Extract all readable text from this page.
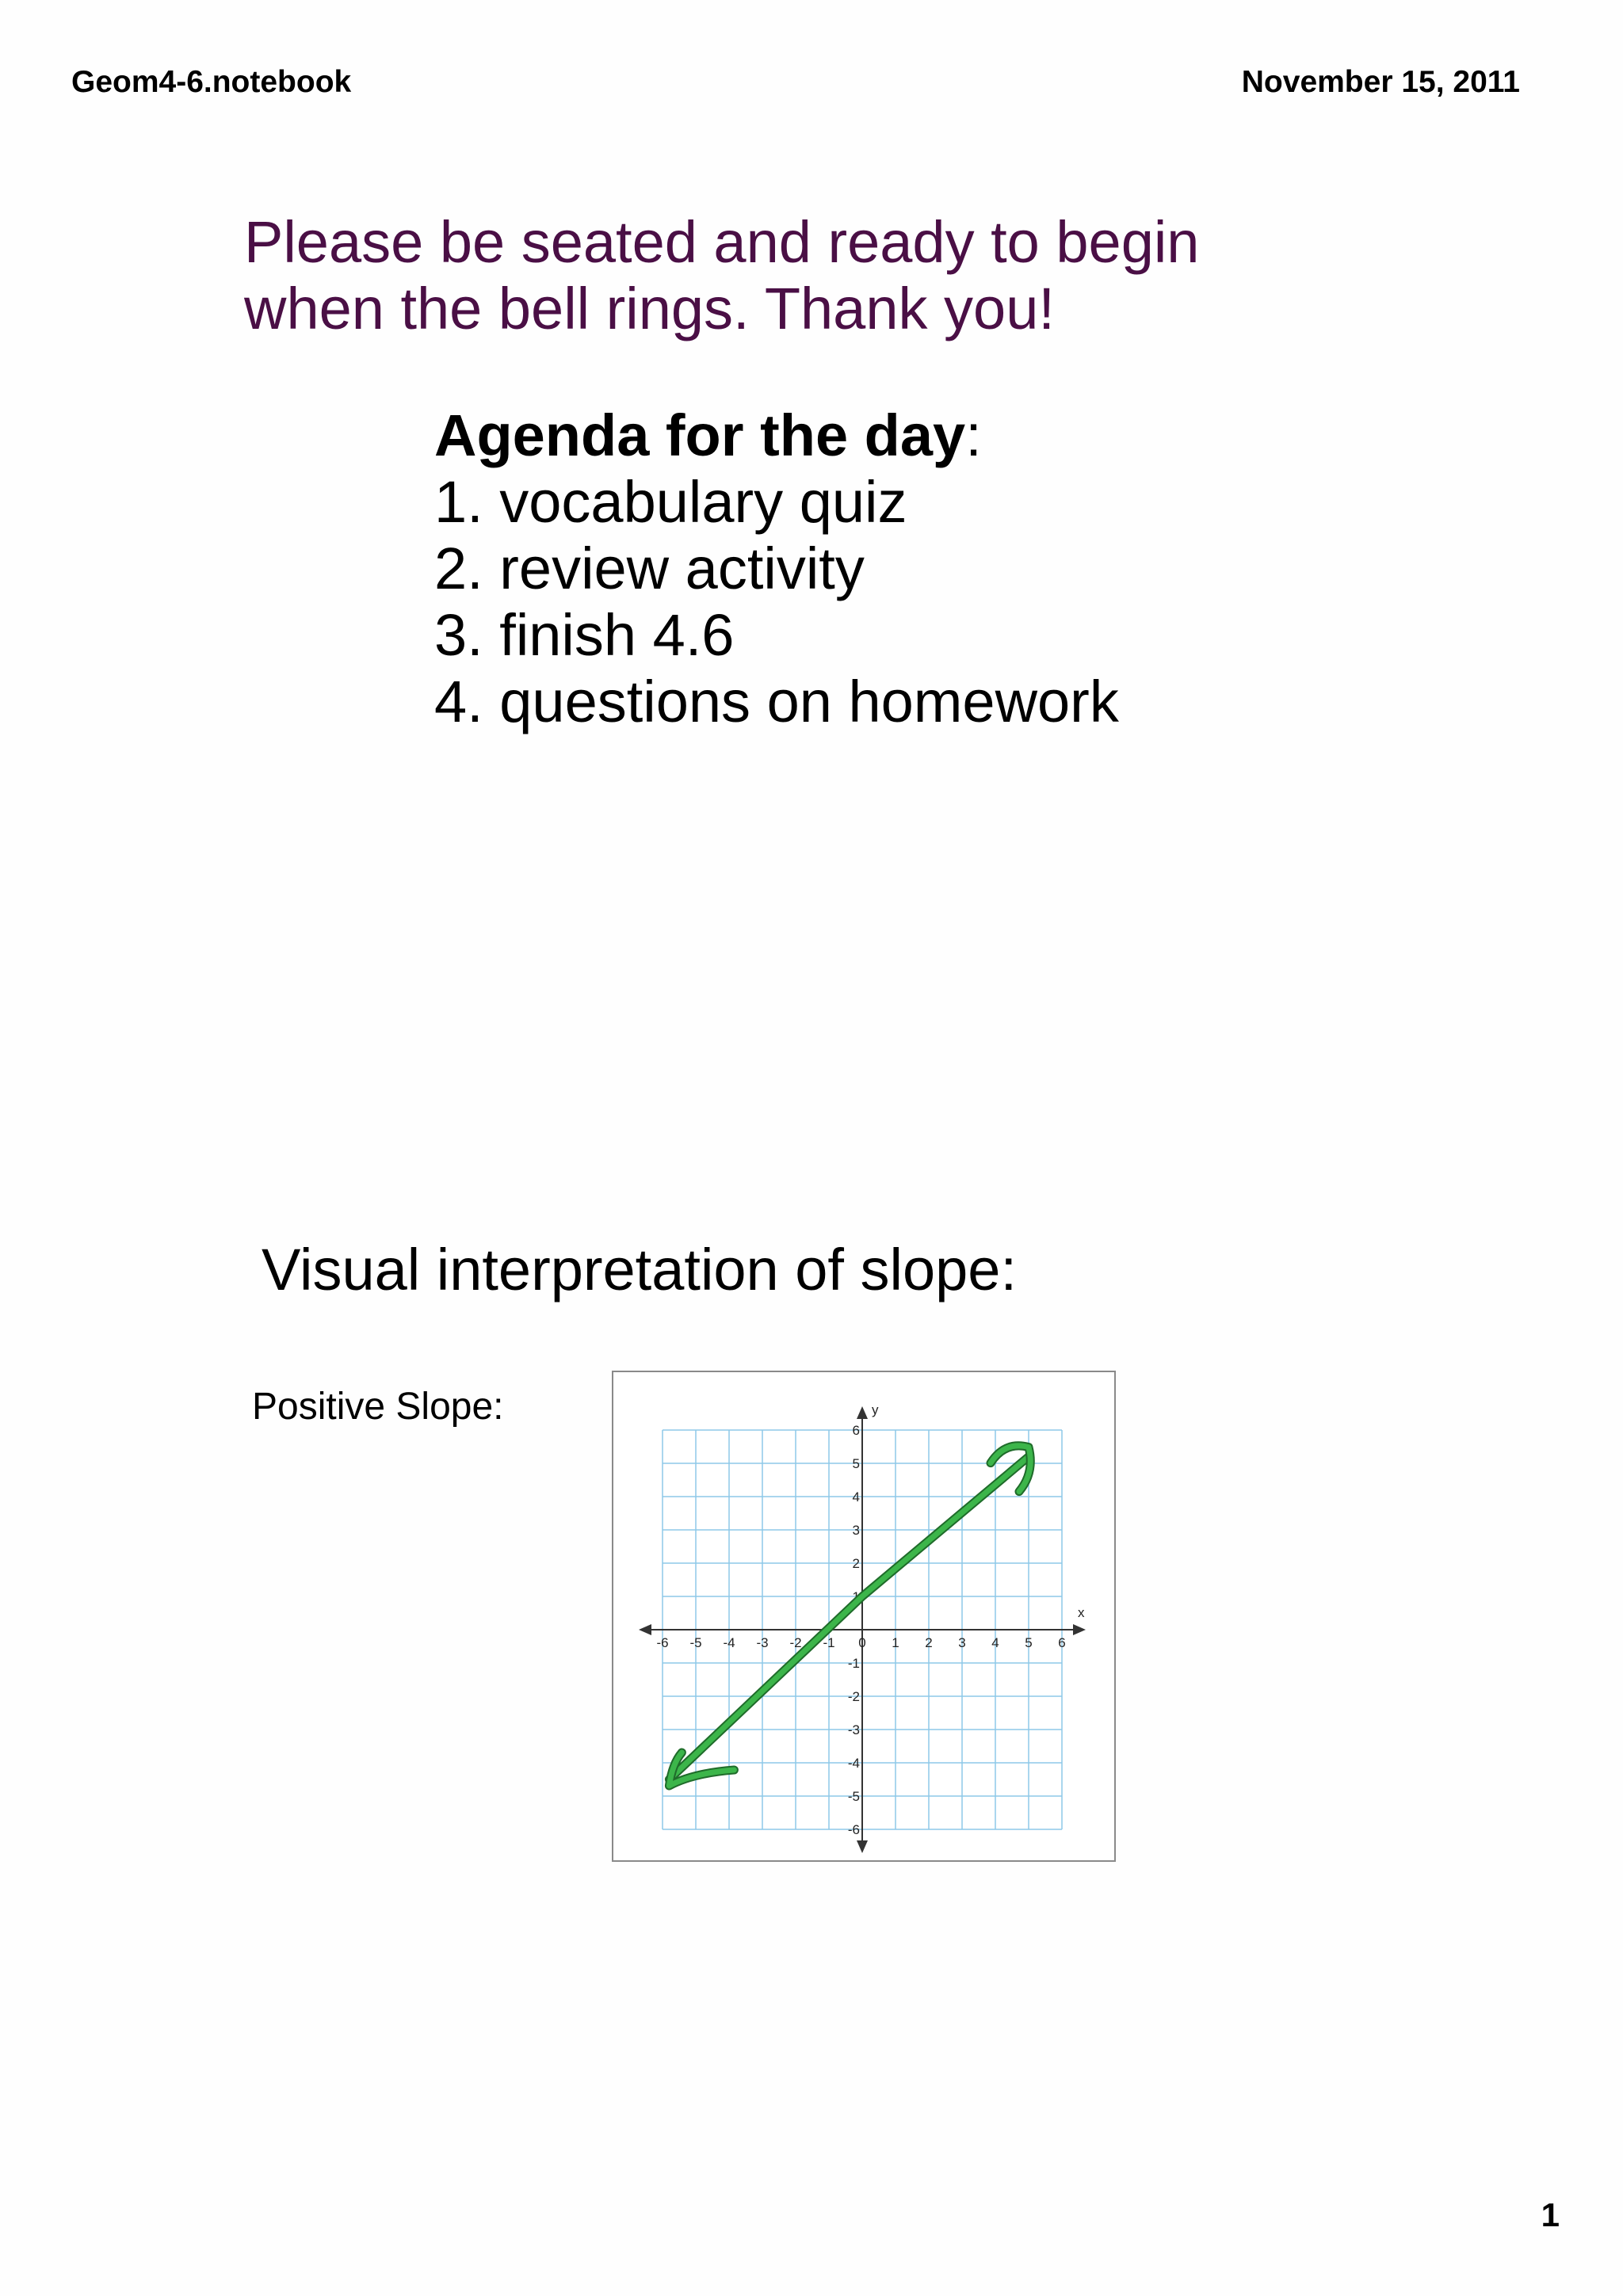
Geom4-6.notebook	November 15, 2011
Please be seated and ready to begin
when the bell rings. Thank you!
Agenda for the day:
1. vocabulary quiz
2. review activity
3. finish 4.6
4. questions on homework
Visual interpretation of slope:
Positive Slope:
x
y
-6 -5 -4 -3 -2 -1 0 1 2 3 4 5 6
6
5
4
3
2
1
-1
-2
-3
-4
-5
-6
1
